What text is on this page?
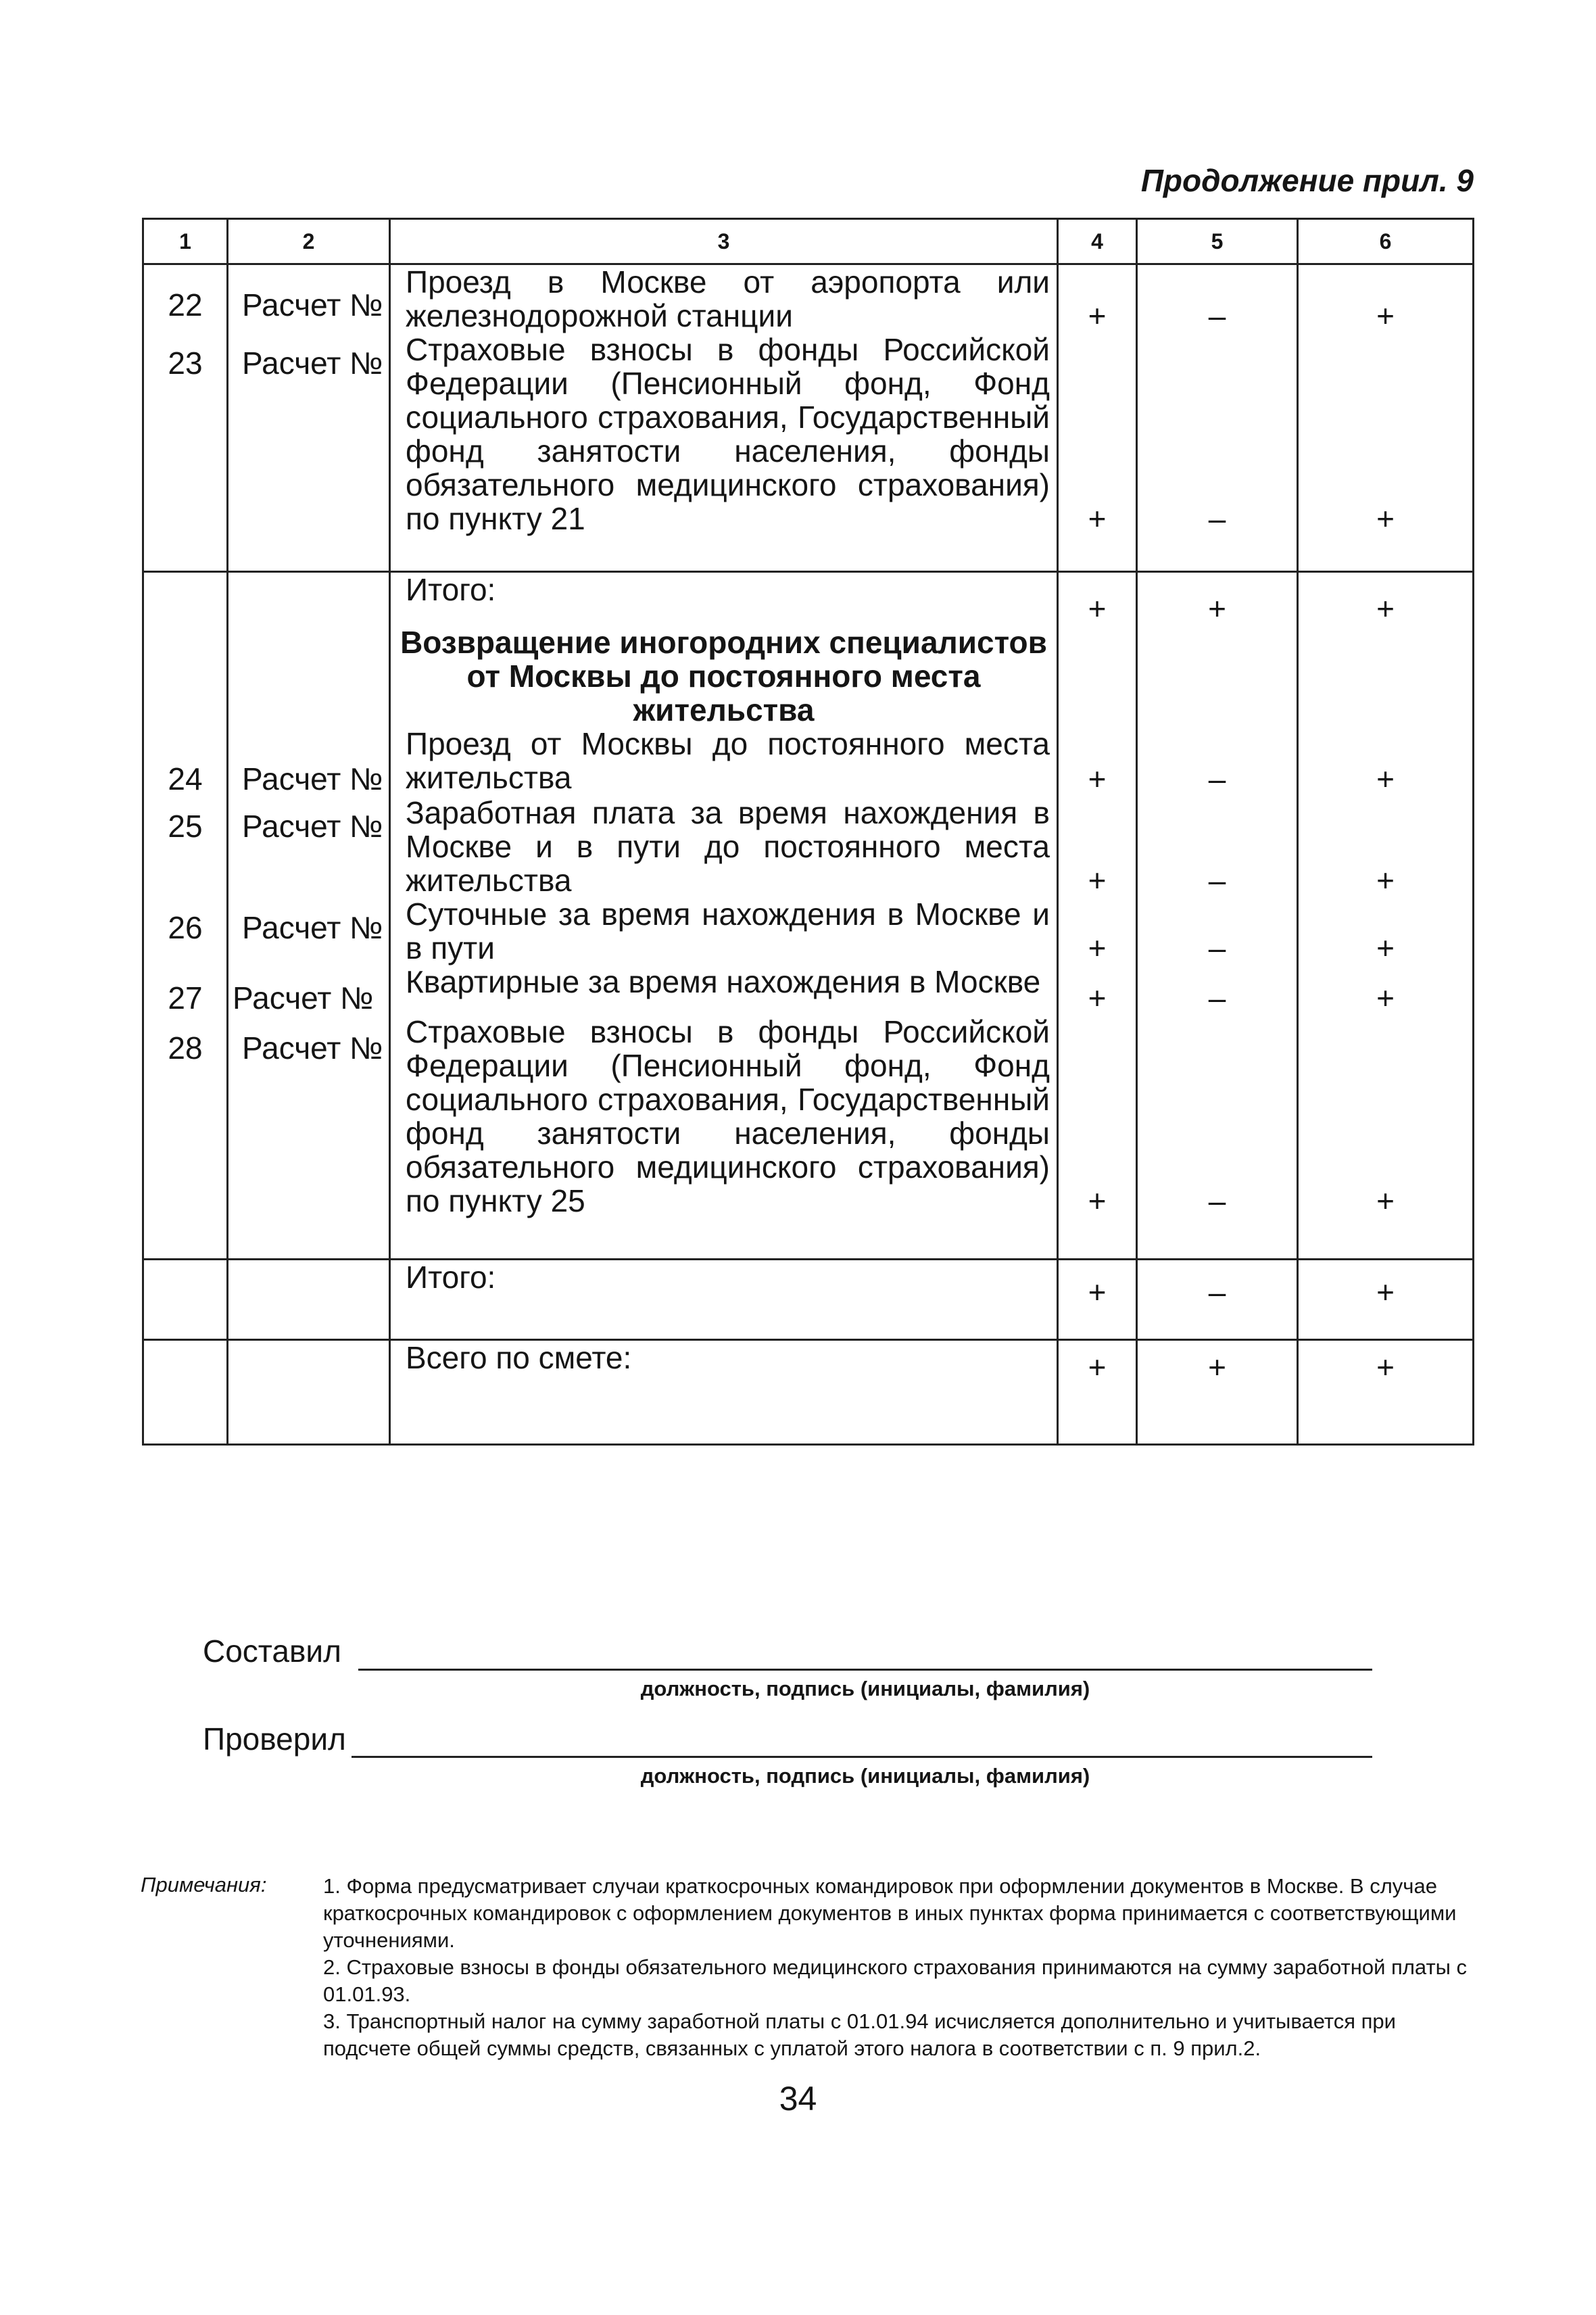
Продолжение прил. 9
1	2	3	4	5	6
22	Расчет №	Проезд в Москве от аэропорта или железнодорожной станции	+	–	+
23	Расчет №	Страховые взносы в фонды Российской Федерации (Пенсионный фонд, Фонд социального страхования, Государственный фонд занятости населения, фонды обязательного медицинского страхования) по пункту 21	+	–	+
		Итого:	+	+	+
		Возвращение иногородних специалистов от Москвы до постоянного места жительства			
24	Расчет №	Проезд от Москвы до постоянного места жительства	+	–	+
25	Расчет №	Заработная плата за время нахождения в Москве и в пути до постоянного места жительства	+	–	+
26	Расчет №	Суточные за время нахождения в Москве и в пути	+	–	+
27	Расчет №	Квартирные за время нахождения в Москве	+	–	+
28	Расчет №	Страховые взносы в фонды Российской Федерации (Пенсионный фонд, Фонд социального страхования, Государственный фонд занятости населения, фонды обязательного медицинского страхования) по пункту 25	+	–	+
		Итого:	+	–	+
		Всего по смете:	+	+	+
Составил
должность, подпись (инициалы, фамилия)
Проверил
должность, подпись (инициалы, фамилия)
Примечания:	1. Форма предусматривает случаи краткосрочных командировок при оформлении документов в Москве. В случае краткосрочных командировок с оформлением документов в иных пунктах форма принимается с соответствующими уточнениями.

2. Страховые взносы в фонды обязательного медицинского страхования принимаются на сумму заработной платы с 01.01.93.

3. Транспортный налог на сумму заработной платы с 01.01.94 исчисляется дополнительно и учитывается при подсчете общей суммы средств, связанных с уплатой этого налога в соответствии с п. 9 прил.2.

34
